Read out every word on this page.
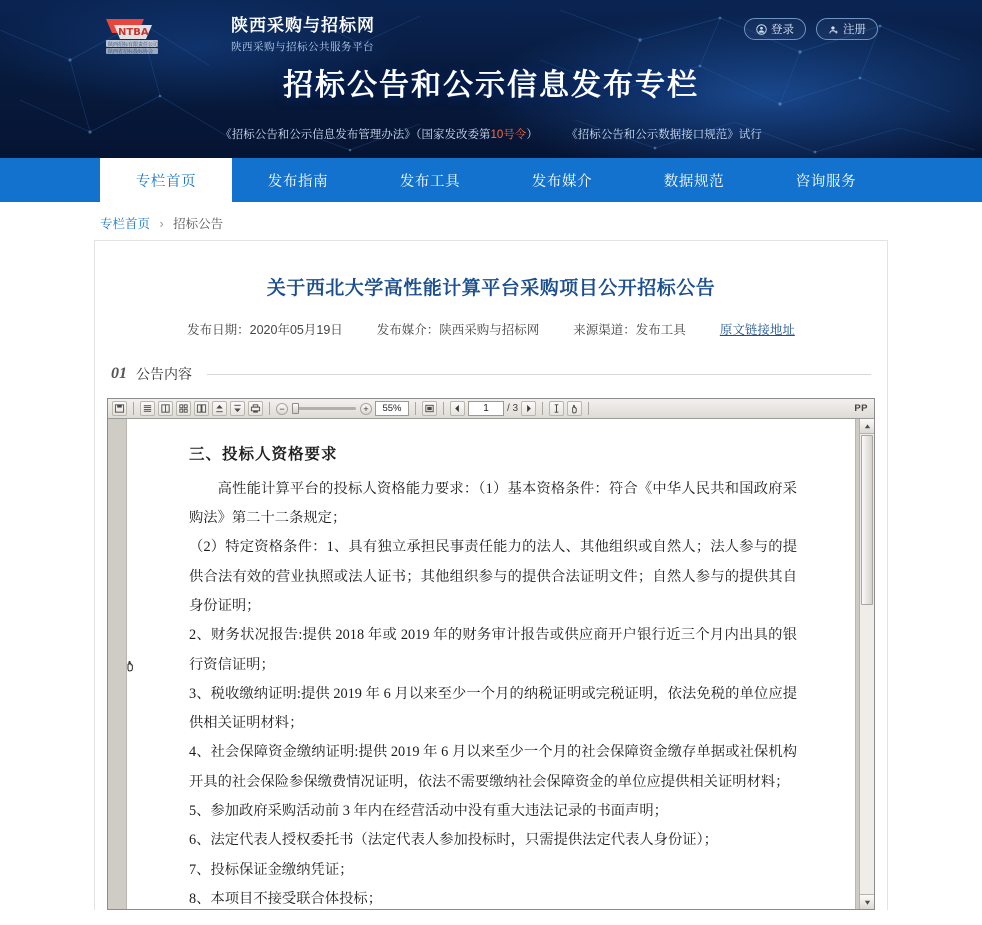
NTBA
陕西招标有限责任公司
陕西省招标投标协会
陕西采购与招标网
陕西采购与招标公共服务平台
登录	注册
招标公告和公示信息发布专栏
《招标公告和公示信息发布管理办法》（国家发改委第10号令） 《招标公告和公示数据接口规范》试行
专栏首页	发布指南	发布工具	发布媒介	数据规范	咨询服务
专栏首页 › 招标公告
关于西北大学高性能计算平台采购项目公开招标公告
发布日期：2020年05月19日	发布媒介：陕西采购与招标网	来源渠道：发布工具	原文链接地址
01 公告内容
−	+	55%	1	/ 3	PP
三、投标人资格要求

高性能计算平台的投标人资格能力要求：（1）基本资格条件：符合《中华人民共和国政府采购法》第二十二条规定；

（2）特定资格条件：1、具有独立承担民事责任能力的法人、其他组织或自然人；法人参与的提供合法有效的营业执照或法人证书；其他组织参与的提供合法证明文件；自然人参与的提供其自身份证明；

2、财务状况报告:提供 2018 年或 2019 年的财务审计报告或供应商开户银行近三个月内出具的银行资信证明；

3、税收缴纳证明:提供 2019 年 6 月以来至少一个月的纳税证明或完税证明，依法免税的单位应提供相关证明材料；

4、社会保障资金缴纳证明:提供 2019 年 6 月以来至少一个月的社会保障资金缴存单据或社保机构开具的社会保险参保缴费情况证明，依法不需要缴纳社会保障资金的单位应提供相关证明材料；

5、参加政府采购活动前 3 年内在经营活动中没有重大违法记录的书面声明；

6、法定代表人授权委托书（法定代表人参加投标时，只需提供法定代表人身份证）；

7、投标保证金缴纳凭证；

8、本项目不接受联合体投标；
